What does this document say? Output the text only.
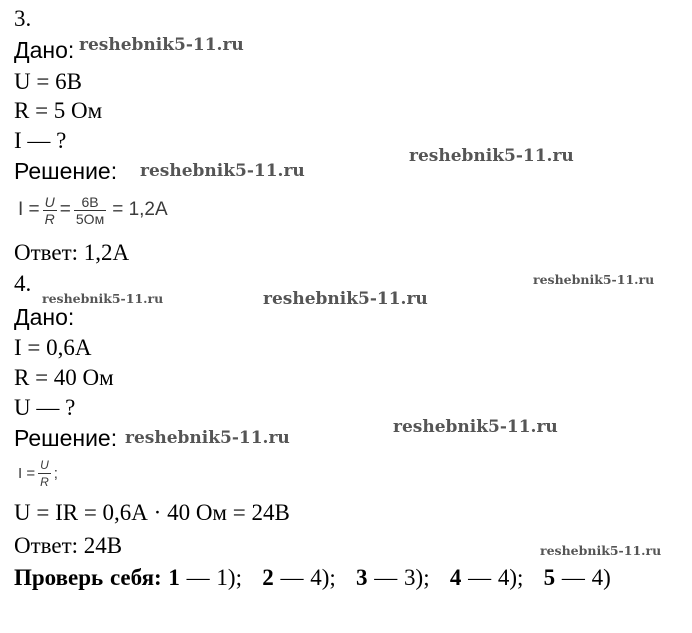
3.
Дано:
U = 6В
R = 5 Ом
I — ?
Решение:
$I = \frac{U}{R} = \frac{6В}{5Ом} = 1,2А$
Ответ: 1,2А
4.
Дано:
I = 0,6А
R = 40 Ом
U — ?
Решение:
$I = \frac{U}{R}$ ;
U = IR = 0,6А · 40 Ом = 24В
Ответ: 24В
Проверь себя: 1 — 1); 2 — 4); 3 — 3); 4 — 4); 5 — 4)
reshebnik5-11.ru
reshebnik5-11.ru
reshebnik5-11.ru
reshebnik5-11.ru
reshebnik5-11.ru	reshebnik5-11.ru
reshebnik5-11.ru
reshebnik5-11.ru
reshebnik5-11.ru
